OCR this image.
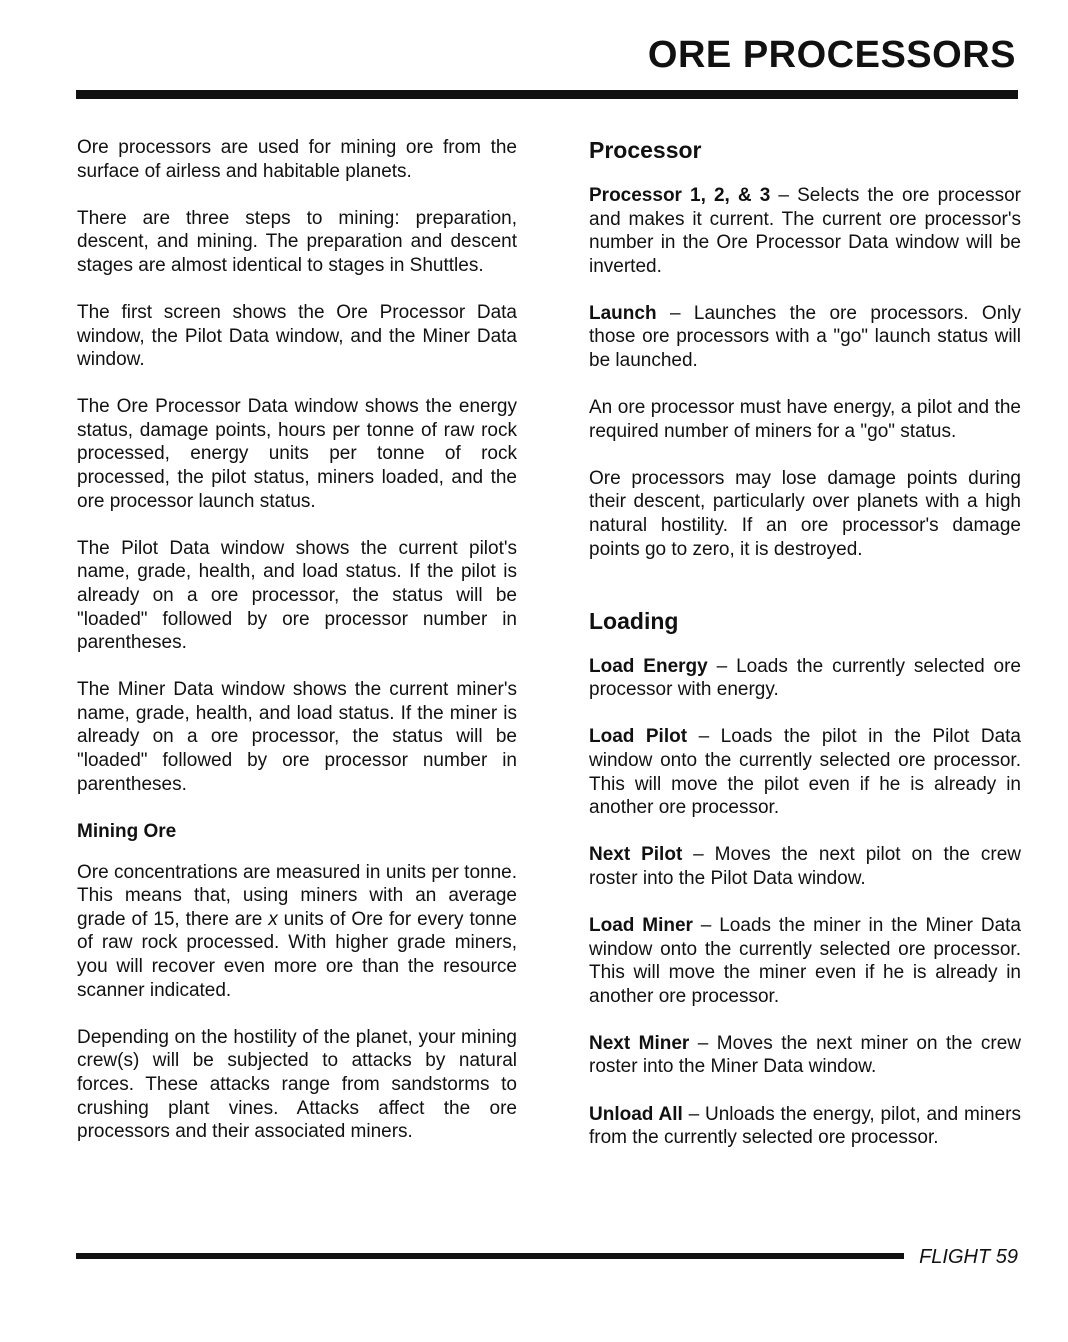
ORE PROCESSORS

Ore processors are used for mining ore from the surface of airless and habitable planets.

There are three steps to mining: preparation, descent, and mining. The preparation and descent stages are almost identical to stages in Shuttles.

The first screen shows the Ore Processor Data window, the Pilot Data window, and the Miner Data window.

The Ore Processor Data window shows the energy status, damage points, hours per tonne of raw rock processed, energy units per tonne of rock processed, the pilot status, miners loaded, and the ore processor launch status.

The Pilot Data window shows the current pilot's name, grade, health, and load status. If the pilot is already on a ore processor, the status will be "loaded" followed by ore processor number in parentheses.

The Miner Data window shows the current miner's name, grade, health, and load status. If the miner is already on a ore processor, the status will be "loaded" followed by ore processor number in parentheses.

Mining Ore

Ore concentrations are measured in units per tonne. This means that, using miners with an average grade of 15, there are x units of Ore for every tonne of raw rock processed. With higher grade miners, you will recover even more ore than the resource scanner indicated.

Depending on the hostility of the planet, your mining crew(s) will be subjected to attacks by natural forces. These attacks range from sandstorms to crushing plant vines. Attacks affect the ore processors and their associated miners.

Processor

Processor 1, 2, & 3 – Selects the ore processor and makes it current. The current ore processor's number in the Ore Processor Data window will be inverted.

Launch – Launches the ore processors. Only those ore processors with a "go" launch status will be launched.

An ore processor must have energy, a pilot and the required number of miners for a "go" status.

Ore processors may lose damage points during their descent, particularly over planets with a high natural hostility. If an ore processor's damage points go to zero, it is destroyed.

Loading

Load Energy – Loads the currently selected ore processor with energy.

Load Pilot – Loads the pilot in the Pilot Data window onto the currently selected ore processor. This will move the pilot even if he is already in another ore processor.

Next Pilot – Moves the next pilot on the crew roster into the Pilot Data window.

Load Miner – Loads the miner in the Miner Data window onto the currently selected ore processor. This will move the miner even if he is already in another ore processor.

Next Miner – Moves the next miner on the crew roster into the Miner Data window.

Unload All – Unloads the energy, pilot, and miners from the currently selected ore processor.

FLIGHT 59
